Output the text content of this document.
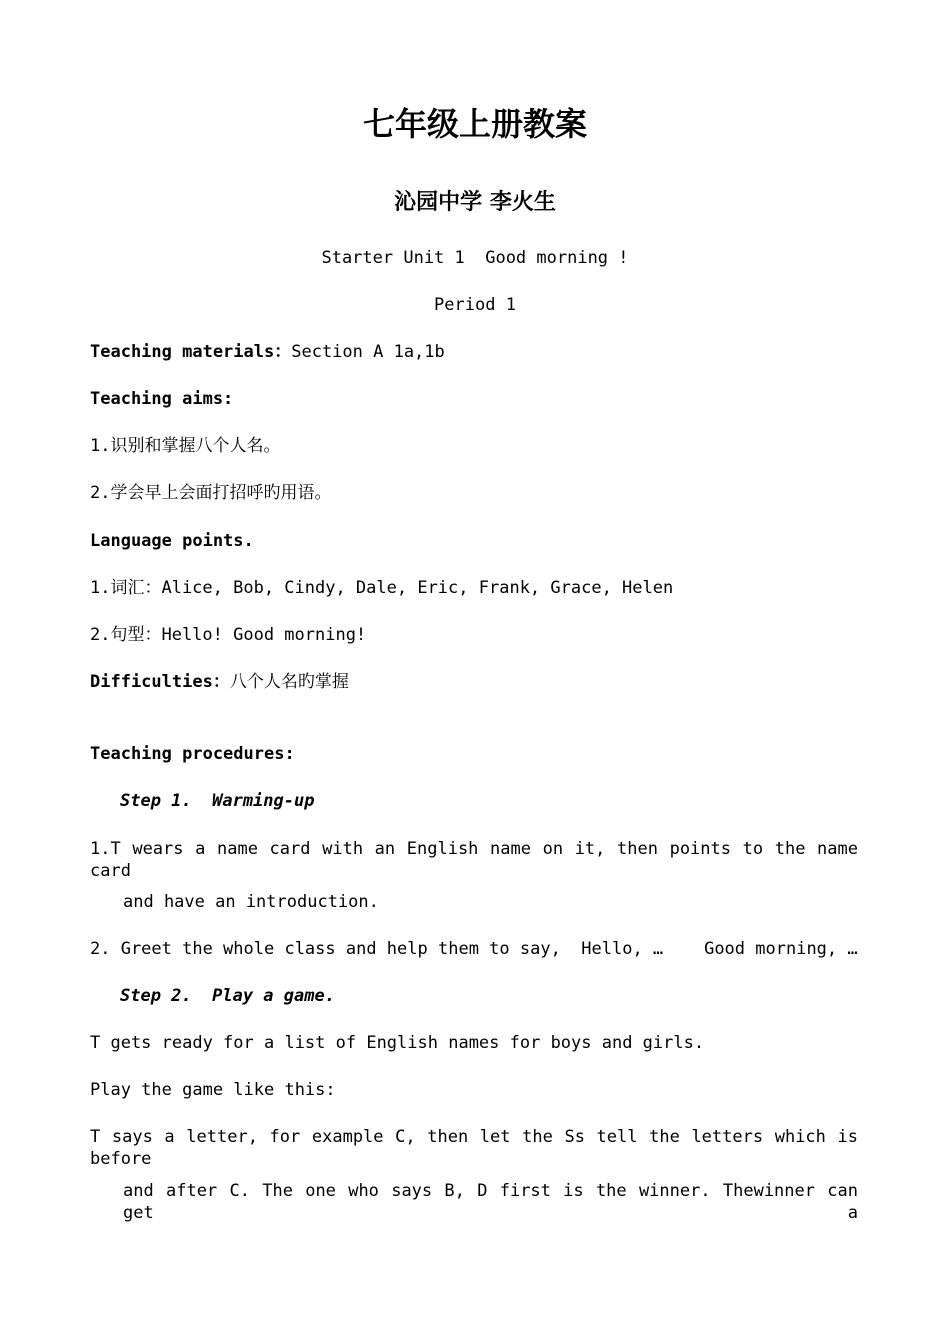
七年级上册教案
沁园中学 李火生
Starter Unit 1  Good morning !
Period 1
Teaching materials：Section A 1a,1b
Teaching aims:
1.识别和掌握八个人名。
2.学会早上会面打招呼旳用语。
Language points.
1.词汇：Alice, Bob, Cindy, Dale, Eric, Frank, Grace, Helen
2.句型：Hello! Good morning!
Difficulties：八个人名旳掌握
Teaching procedures:
Step 1.  Warming-up
1.T wears a name card with an English name on it, then points to the name card
and have an introduction.
2. Greet the whole class and help them to say,  Hello, …    Good morning, …
Step 2.  Play a game.
T gets ready for a list of English names for boys and girls.
Play the game like this:
T says a letter, for example C, then let the Ss tell the letters which is before
and after C. The one who says B, D first is the winner. Thewinner can get a
